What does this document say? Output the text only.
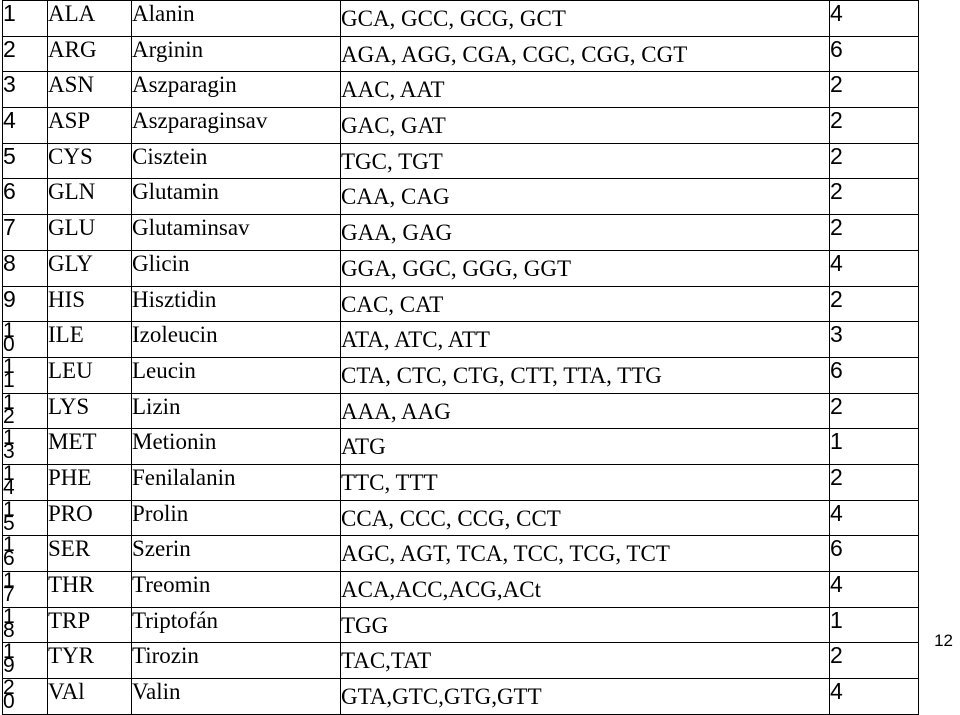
1	ALA	Alanin	GCA, GCC, GCG, GCT	4
2	ARG	Arginin	AGA, AGG, CGA, CGC, CGG, CGT	6
3	ASN	Aszparagin	AAC, AAT	2
4	ASP	Aszparaginsav	GAC, GAT	2
5	CYS	Cisztein	TGC, TGT	2
6	GLN	Glutamin	CAA, CAG	2
7	GLU	Glutaminsav	GAA, GAG	2
8	GLY	Glicin	GGA, GGC, GGG, GGT	4
9	HIS	Hisztidin	CAC, CAT	2
10	ILE	Izoleucin	ATA, ATC, ATT	3
11	LEU	Leucin	CTA, CTC, CTG, CTT, TTA, TTG	6
12	LYS	Lizin	AAA, AAG	2
13	MET	Metionin	ATG	1
14	PHE	Fenilalanin	TTC, TTT	2
15	PRO	Prolin	CCA, CCC, CCG, CCT	4
16	SER	Szerin	AGC, AGT, TCA, TCC, TCG, TCT	6
17	THR	Treomin	ACA,ACC,ACG,ACt	4
18	TRP	Triptofán	TGG	1
19	TYR	Tirozin	TAC,TAT	2
20	VAl	Valin	GTA,GTC,GTG,GTT	4
12
